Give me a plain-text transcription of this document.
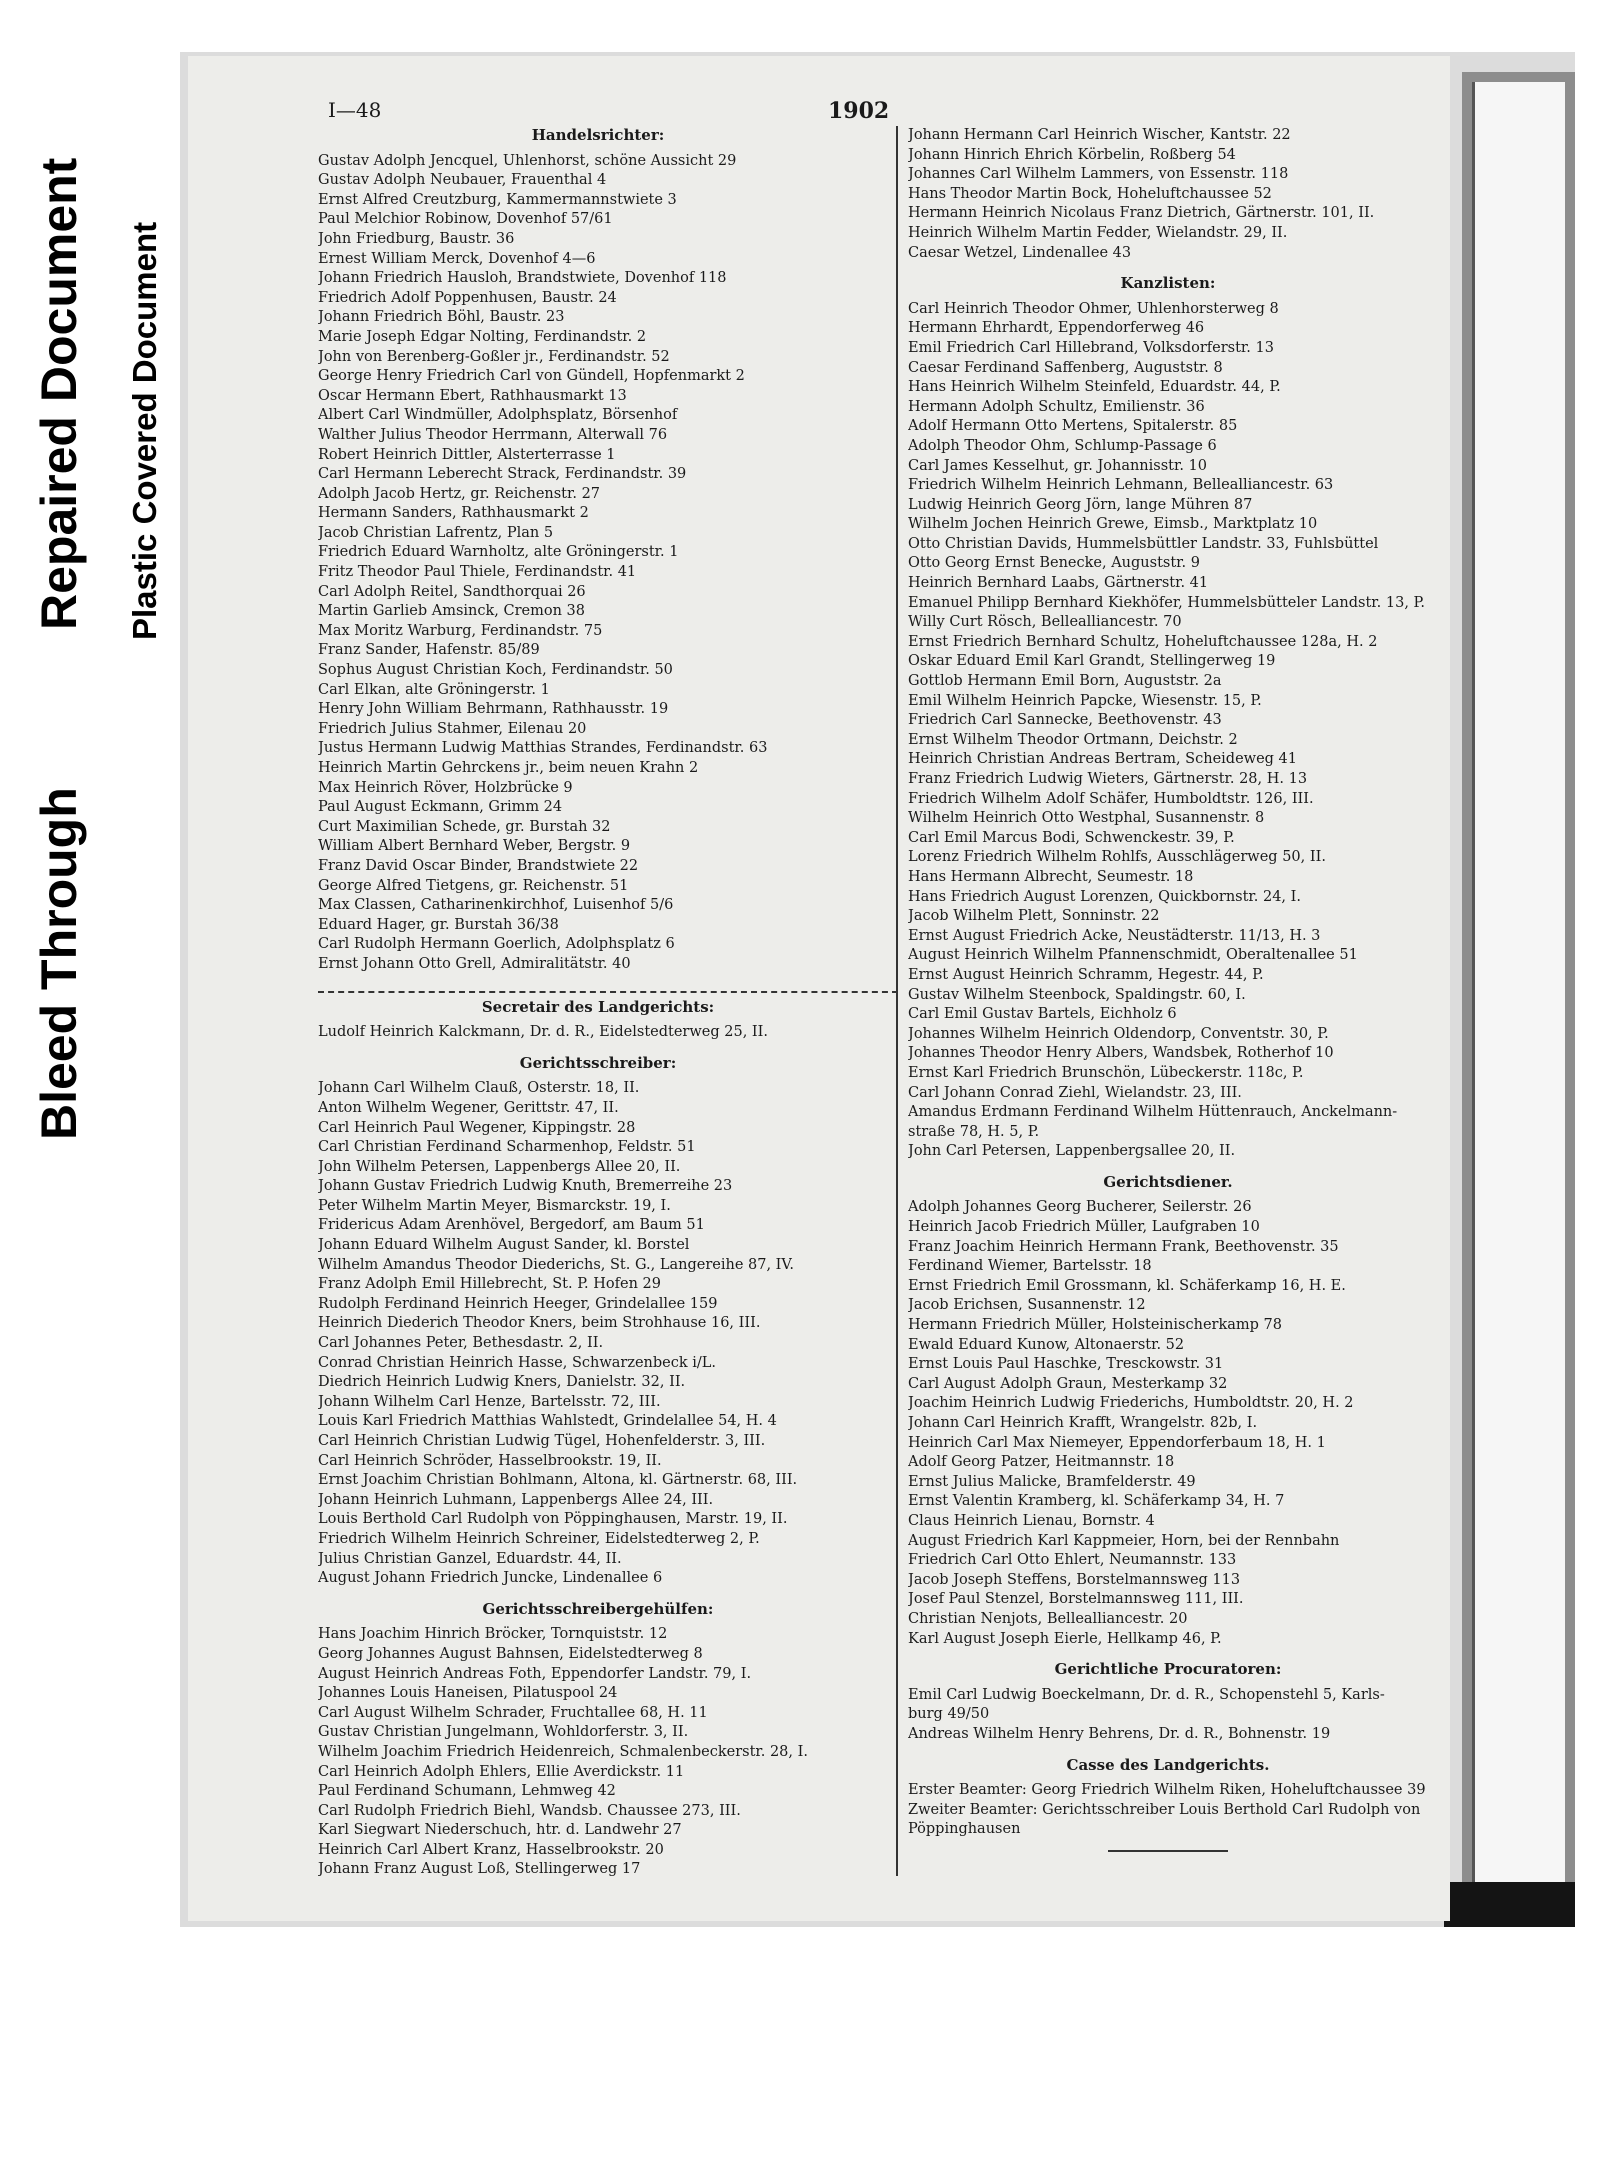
Bleed Through
Repaired Document Plastic Covered Document
I—48	1902
Handelsrichter:
Gustav Adolph Jencquel, Uhlenhorst, schöne Aussicht 29
Gustav Adolph Neubauer, Frauenthal 4
Ernst Alfred Creutzburg, Kammermannstwiete 3
Paul Melchior Robinow, Dovenhof 57/61
John Friedburg, Baustr. 36
Ernest William Merck, Dovenhof 4—6
Johann Friedrich Hausloh, Brandstwiete, Dovenhof 118
Friedrich Adolf Poppenhusen, Baustr. 24
Johann Friedrich Böhl, Baustr. 23
Marie Joseph Edgar Nolting, Ferdinandstr. 2
John von Berenberg-Goßler jr., Ferdinandstr. 52
George Henry Friedrich Carl von Gündell, Hopfenmarkt 2
Oscar Hermann Ebert, Rathhausmarkt 13
Albert Carl Windmüller, Adolphsplatz, Börsenhof
Walther Julius Theodor Herrmann, Alterwall 76
Robert Heinrich Dittler, Alsterterrasse 1
Carl Hermann Leberecht Strack, Ferdinandstr. 39
Adolph Jacob Hertz, gr. Reichenstr. 27
Hermann Sanders, Rathhausmarkt 2
Jacob Christian Lafrentz, Plan 5
Friedrich Eduard Warnholtz, alte Gröningerstr. 1
Fritz Theodor Paul Thiele, Ferdinandstr. 41
Carl Adolph Reitel, Sandthorquai 26
Martin Garlieb Amsinck, Cremon 38
Max Moritz Warburg, Ferdinandstr. 75
Franz Sander, Hafenstr. 85/89
Sophus August Christian Koch, Ferdinandstr. 50
Carl Elkan, alte Gröningerstr. 1
Henry John William Behrmann, Rathhausstr. 19
Friedrich Julius Stahmer, Eilenau 20
Justus Hermann Ludwig Matthias Strandes, Ferdinandstr. 63
Heinrich Martin Gehrckens jr., beim neuen Krahn 2
Max Heinrich Röver, Holzbrücke 9
Paul August Eckmann, Grimm 24
Curt Maximilian Schede, gr. Burstah 32
William Albert Bernhard Weber, Bergstr. 9
Franz David Oscar Binder, Brandstwiete 22
George Alfred Tietgens, gr. Reichenstr. 51
Max Classen, Catharinenkirchhof, Luisenhof 5/6
Eduard Hager, gr. Burstah 36/38
Carl Rudolph Hermann Goerlich, Adolphsplatz 6
Ernst Johann Otto Grell, Admiralitätstr. 40
Secretair des Landgerichts:
Ludolf Heinrich Kalckmann, Dr. d. R., Eidelstedterweg 25, II.
Gerichtsschreiber:
Johann Carl Wilhelm Clauß, Osterstr. 18, II.
Anton Wilhelm Wegener, Gerittstr. 47, II.
Carl Heinrich Paul Wegener, Kippingstr. 28
Carl Christian Ferdinand Scharmenhop, Feldstr. 51
John Wilhelm Petersen, Lappenbergs Allee 20, II.
Johann Gustav Friedrich Ludwig Knuth, Bremerreihe 23
Peter Wilhelm Martin Meyer, Bismarckstr. 19, I.
Fridericus Adam Arenhövel, Bergedorf, am Baum 51
Johann Eduard Wilhelm August Sander, kl. Borstel
Wilhelm Amandus Theodor Diederichs, St. G., Langereihe 87, IV.
Franz Adolph Emil Hillebrecht, St. P. Hofen 29
Rudolph Ferdinand Heinrich Heeger, Grindelallee 159
Heinrich Diederich Theodor Kners, beim Strohhause 16, III.
Carl Johannes Peter, Bethesdastr. 2, II.
Conrad Christian Heinrich Hasse, Schwarzenbeck i/L.
Diedrich Heinrich Ludwig Kners, Danielstr. 32, II.
Johann Wilhelm Carl Henze, Bartelsstr. 72, III.
Louis Karl Friedrich Matthias Wahlstedt, Grindelallee 54, H. 4
Carl Heinrich Christian Ludwig Tügel, Hohenfelderstr. 3, III.
Carl Heinrich Schröder, Hasselbrookstr. 19, II.
Ernst Joachim Christian Bohlmann, Altona, kl. Gärtnerstr. 68, III.
Johann Heinrich Luhmann, Lappenbergs Allee 24, III.
Louis Berthold Carl Rudolph von Pöppinghausen, Marstr. 19, II.
Friedrich Wilhelm Heinrich Schreiner, Eidelstedterweg 2, P.
Julius Christian Ganzel, Eduardstr. 44, II.
August Johann Friedrich Juncke, Lindenallee 6
Gerichtsschreibergehülfen:
Hans Joachim Hinrich Bröcker, Tornquiststr. 12
Georg Johannes August Bahnsen, Eidelstedterweg 8
August Heinrich Andreas Foth, Eppendorfer Landstr. 79, I.
Johannes Louis Haneisen, Pilatuspool 24
Carl August Wilhelm Schrader, Fruchtallee 68, H. 11
Gustav Christian Jungelmann, Wohldorferstr. 3, II.
Wilhelm Joachim Friedrich Heidenreich, Schmalenbeckerstr. 28, I.
Carl Heinrich Adolph Ehlers, Ellie Averdickstr. 11
Paul Ferdinand Schumann, Lehmweg 42
Carl Rudolph Friedrich Biehl, Wandsb. Chaussee 273, III.
Karl Siegwart Niederschuch, htr. d. Landwehr 27
Heinrich Carl Albert Kranz, Hasselbrookstr. 20
Johann Franz August Loß, Stellingerweg 17
Johann Hermann Carl Heinrich Wischer, Kantstr. 22
Johann Hinrich Ehrich Körbelin, Roßberg 54
Johannes Carl Wilhelm Lammers, von Essenstr. 118
Hans Theodor Martin Bock, Hoheluftchaussee 52
Hermann Heinrich Nicolaus Franz Dietrich, Gärtnerstr. 101, II.
Heinrich Wilhelm Martin Fedder, Wielandstr. 29, II.
Caesar Wetzel, Lindenallee 43
Kanzlisten:
Carl Heinrich Theodor Ohmer, Uhlenhorsterweg 8
Hermann Ehrhardt, Eppendorferweg 46
Emil Friedrich Carl Hillebrand, Volksdorferstr. 13
Caesar Ferdinand Saffenberg, Auguststr. 8
Hans Heinrich Wilhelm Steinfeld, Eduardstr. 44, P.
Hermann Adolph Schultz, Emilienstr. 36
Adolf Hermann Otto Mertens, Spitalerstr. 85
Adolph Theodor Ohm, Schlump-Passage 6
Carl James Kesselhut, gr. Johannisstr. 10
Friedrich Wilhelm Heinrich Lehmann, Bellealliancestr. 63
Ludwig Heinrich Georg Jörn, lange Mühren 87
Wilhelm Jochen Heinrich Grewe, Eimsb., Marktplatz 10
Otto Christian Davids, Hummelsbüttler Landstr. 33, Fuhlsbüttel
Otto Georg Ernst Benecke, Auguststr. 9
Heinrich Bernhard Laabs, Gärtnerstr. 41
Emanuel Philipp Bernhard Kiekhöfer, Hummelsbütteler Landstr. 13, P.
Willy Curt Rösch, Bellealliancestr. 70
Ernst Friedrich Bernhard Schultz, Hoheluftchaussee 128a, H. 2
Oskar Eduard Emil Karl Grandt, Stellingerweg 19
Gottlob Hermann Emil Born, Auguststr. 2a
Emil Wilhelm Heinrich Papcke, Wiesenstr. 15, P.
Friedrich Carl Sannecke, Beethovenstr. 43
Ernst Wilhelm Theodor Ortmann, Deichstr. 2
Heinrich Christian Andreas Bertram, Scheideweg 41
Franz Friedrich Ludwig Wieters, Gärtnerstr. 28, H. 13
Friedrich Wilhelm Adolf Schäfer, Humboldtstr. 126, III.
Wilhelm Heinrich Otto Westphal, Susannenstr. 8
Carl Emil Marcus Bodi, Schwenckestr. 39, P.
Lorenz Friedrich Wilhelm Rohlfs, Ausschlägerweg 50, II.
Hans Hermann Albrecht, Seumestr. 18
Hans Friedrich August Lorenzen, Quickbornstr. 24, I.
Jacob Wilhelm Plett, Sonninstr. 22
Ernst August Friedrich Acke, Neustädterstr. 11/13, H. 3
August Heinrich Wilhelm Pfannenschmidt, Oberaltenallee 51
Ernst August Heinrich Schramm, Hegestr. 44, P.
Gustav Wilhelm Steenbock, Spaldingstr. 60, I.
Carl Emil Gustav Bartels, Eichholz 6
Johannes Wilhelm Heinrich Oldendorp, Conventstr. 30, P.
Johannes Theodor Henry Albers, Wandsbek, Rotherhof 10
Ernst Karl Friedrich Brunschön, Lübeckerstr. 118c, P.
Carl Johann Conrad Ziehl, Wielandstr. 23, III.
Amandus Erdmann Ferdinand Wilhelm Hüttenrauch, Anckelmann-
straße 78, H. 5, P.
John Carl Petersen, Lappenbergsallee 20, II.
Gerichtsdiener.
Adolph Johannes Georg Bucherer, Seilerstr. 26
Heinrich Jacob Friedrich Müller, Laufgraben 10
Franz Joachim Heinrich Hermann Frank, Beethovenstr. 35
Ferdinand Wiemer, Bartelsstr. 18
Ernst Friedrich Emil Grossmann, kl. Schäferkamp 16, H. E.
Jacob Erichsen, Susannenstr. 12
Hermann Friedrich Müller, Holsteinischerkamp 78
Ewald Eduard Kunow, Altonaerstr. 52
Ernst Louis Paul Haschke, Tresckowstr. 31
Carl August Adolph Graun, Mesterkamp 32
Joachim Heinrich Ludwig Friederichs, Humboldtstr. 20, H. 2
Johann Carl Heinrich Krafft, Wrangelstr. 82b, I.
Heinrich Carl Max Niemeyer, Eppendorferbaum 18, H. 1
Adolf Georg Patzer, Heitmannstr. 18
Ernst Julius Malicke, Bramfelderstr. 49
Ernst Valentin Kramberg, kl. Schäferkamp 34, H. 7
Claus Heinrich Lienau, Bornstr. 4
August Friedrich Karl Kappmeier, Horn, bei der Rennbahn
Friedrich Carl Otto Ehlert, Neumannstr. 133
Jacob Joseph Steffens, Borstelmannsweg 113
Josef Paul Stenzel, Borstelmannsweg 111, III.
Christian Nenjots, Bellealliancestr. 20
Karl August Joseph Eierle, Hellkamp 46, P.
Gerichtliche Procuratoren:
Emil Carl Ludwig Boeckelmann, Dr. d. R., Schopenstehl 5, Karls-
burg 49/50
Andreas Wilhelm Henry Behrens, Dr. d. R., Bohnenstr. 19
Casse des Landgerichts.
Erster Beamter: Georg Friedrich Wilhelm Riken, Hoheluftchaussee 39
Zweiter Beamter: Gerichtsschreiber Louis Berthold Carl Rudolph von
Pöppinghausen
